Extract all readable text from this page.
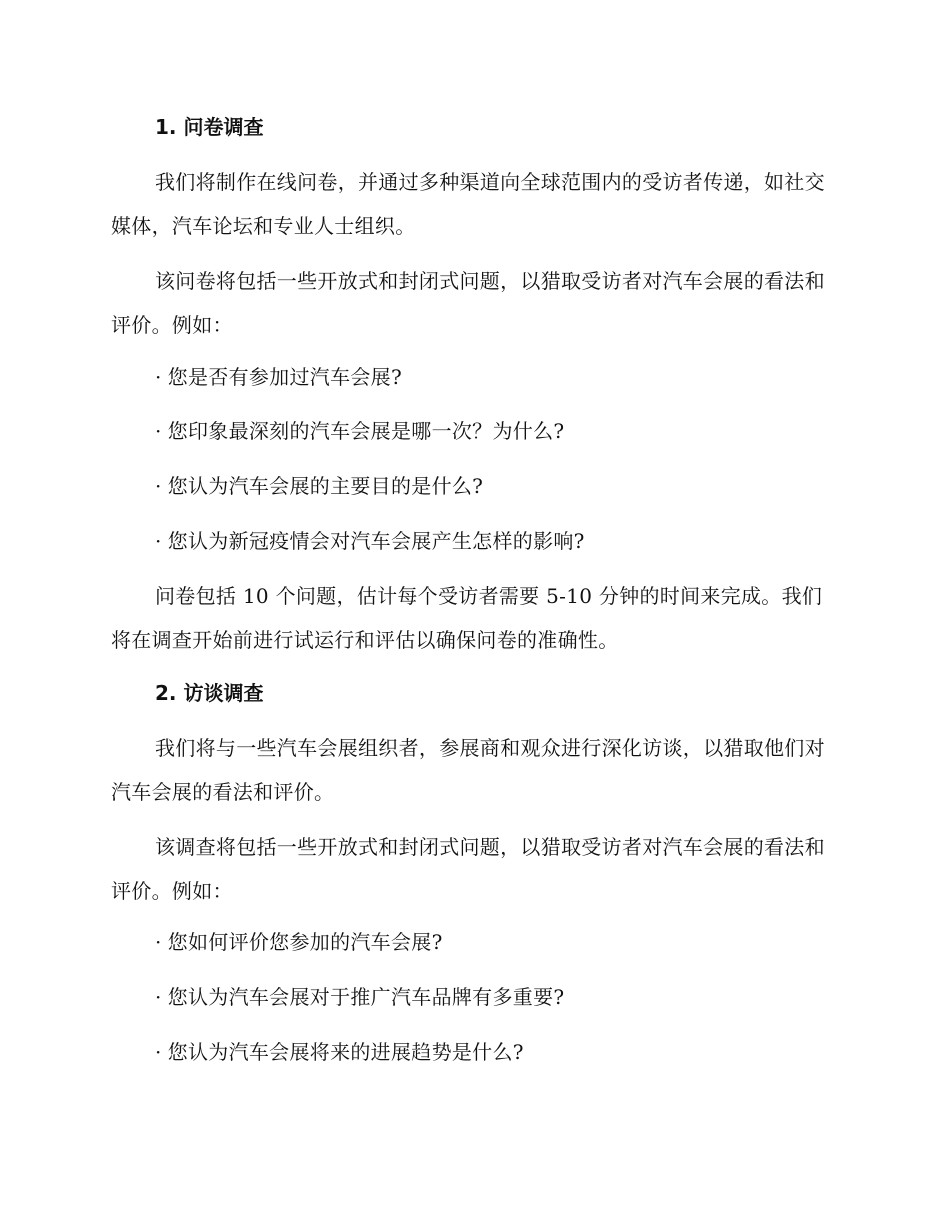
1. 问卷调查
我们将制作在线问卷，并通过多种渠道向全球范围内的受访者传递，如社交媒体，汽车论坛和专业人士组织。
该问卷将包括一些开放式和封闭式问题，以猎取受访者对汽车会展的看法和评价。例如：
· 您是否有参加过汽车会展?
· 您印象最深刻的汽车会展是哪一次？为什么?
· 您认为汽车会展的主要目的是什么?
· 您认为新冠疫情会对汽车会展产生怎样的影响?
问卷包括 10 个问题，估计每个受访者需要 5-10 分钟的时间来完成。我们将在调查开始前进行试运行和评估以确保问卷的准确性。
2. 访谈调查
我们将与一些汽车会展组织者，参展商和观众进行深化访谈，以猎取他们对汽车会展的看法和评价。
该调查将包括一些开放式和封闭式问题，以猎取受访者对汽车会展的看法和评价。例如：
· 您如何评价您参加的汽车会展?
· 您认为汽车会展对于推广汽车品牌有多重要?
· 您认为汽车会展将来的进展趋势是什么?
